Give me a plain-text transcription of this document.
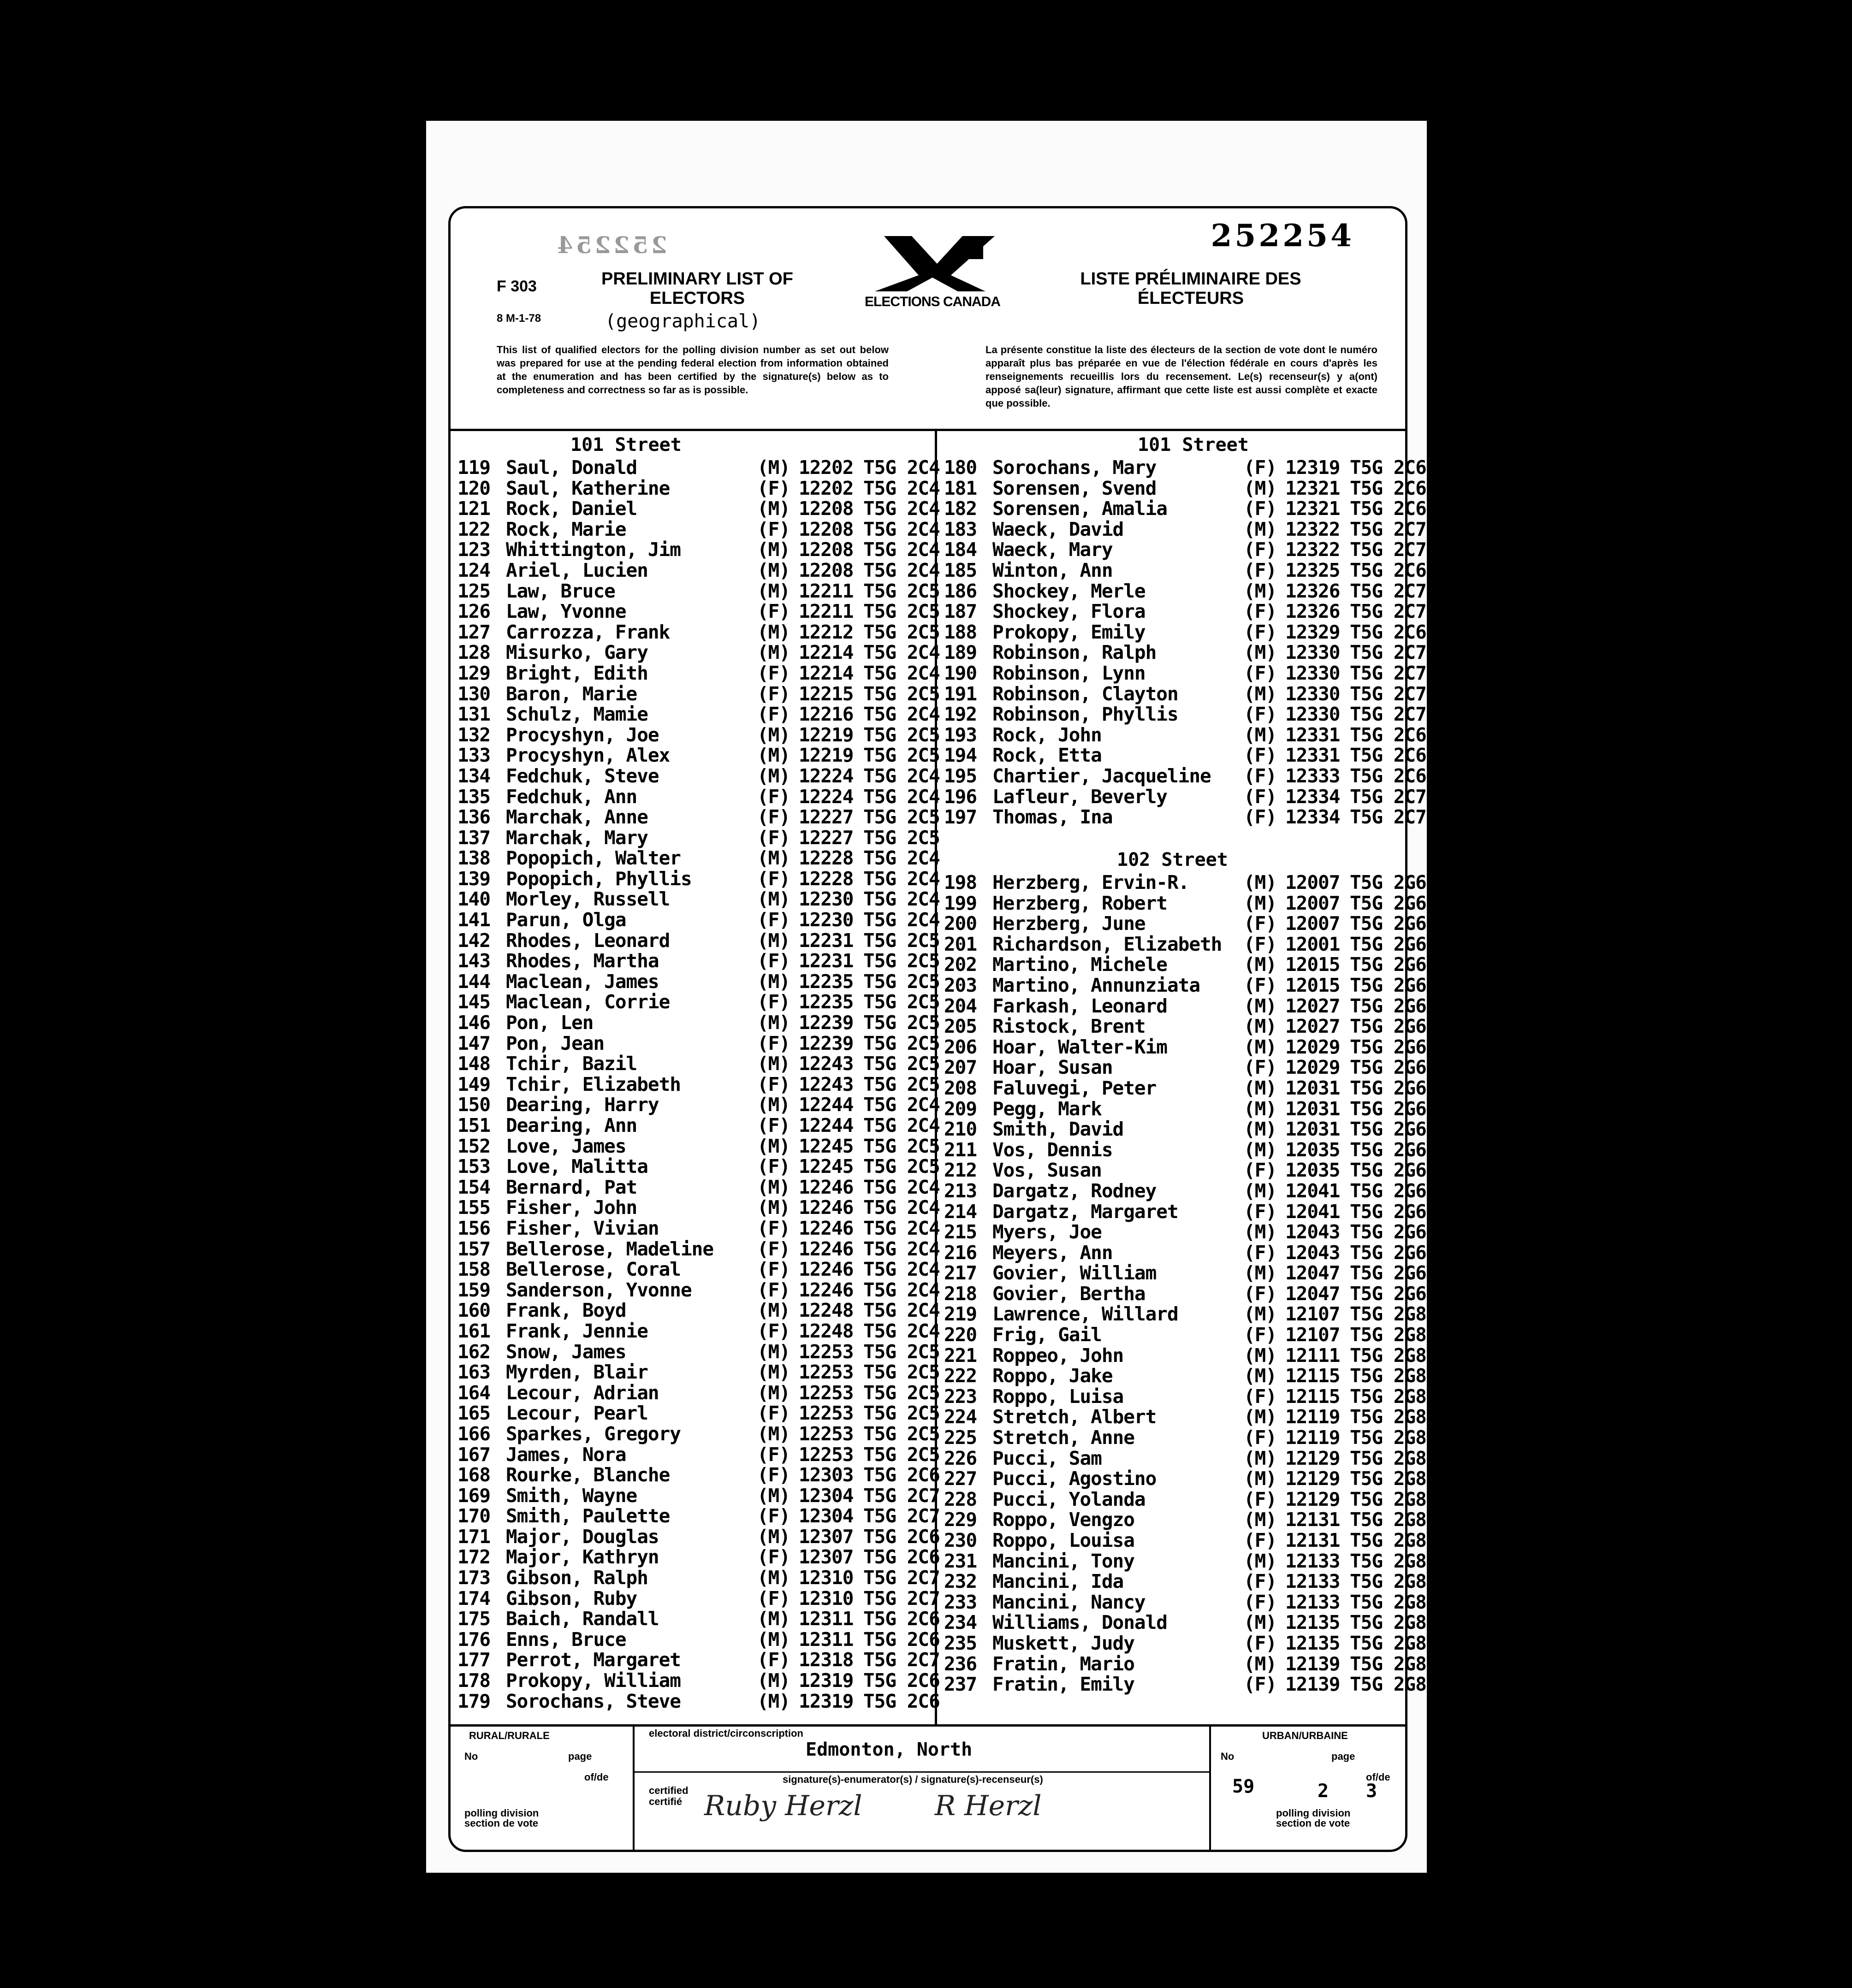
252254	252254
F 303
8 M-1-78
PRELIMINARY LIST OF ELECTORS
(geographical)
ELECTIONS CANADA
LISTE PRÉLIMINAIRE DES ÉLECTEURS
This list of qualified electors for the polling division number as set out below was prepared for use at the pending federal election from information obtained at the enumeration and has been certified by the signature(s) below as to completeness and correctness so far as is possible.
La présente constitue la liste des électeurs de la section de vote dont le numéro apparaît plus bas préparée en vue de l'élection fédérale en cours d'après les renseignements recueillis lors du recensement. Le(s) recenseur(s) y a(ont) apposé sa(leur) signature, affirmant que cette liste est aussi complète et exacte que possible.
101 Street	101 Street
119 Saul, Donald	(M) 12202 T5G 2C4
120 Saul, Katherine	(F) 12202 T5G 2C4
121 Rock, Daniel	(M) 12208 T5G 2C4
122 Rock, Marie	(F) 12208 T5G 2C4
123 Whittington, Jim	(M) 12208 T5G 2C4
124 Ariel, Lucien	(M) 12208 T5G 2C4
125 Law, Bruce	(M) 12211 T5G 2C5
126 Law, Yvonne	(F) 12211 T5G 2C5
127 Carrozza, Frank	(M) 12212 T5G 2C5
128 Misurko, Gary	(M) 12214 T5G 2C4
129 Bright, Edith	(F) 12214 T5G 2C4
130 Baron, Marie	(F) 12215 T5G 2C5
131 Schulz, Mamie	(F) 12216 T5G 2C4
132 Procyshyn, Joe	(M) 12219 T5G 2C5
133 Procyshyn, Alex	(M) 12219 T5G 2C5
134 Fedchuk, Steve	(M) 12224 T5G 2C4
135 Fedchuk, Ann	(F) 12224 T5G 2C4
136 Marchak, Anne	(F) 12227 T5G 2C5
137 Marchak, Mary	(F) 12227 T5G 2C5
138 Popopich, Walter	(M) 12228 T5G 2C4
139 Popopich, Phyllis	(F) 12228 T5G 2C4
140 Morley, Russell	(M) 12230 T5G 2C4
141 Parun, Olga	(F) 12230 T5G 2C4
142 Rhodes, Leonard	(M) 12231 T5G 2C5
143 Rhodes, Martha	(F) 12231 T5G 2C5
144 Maclean, James	(M) 12235 T5G 2C5
145 Maclean, Corrie	(F) 12235 T5G 2C5
146 Pon, Len	(M) 12239 T5G 2C5
147 Pon, Jean	(F) 12239 T5G 2C5
148 Tchir, Bazil	(M) 12243 T5G 2C5
149 Tchir, Elizabeth	(F) 12243 T5G 2C5
150 Dearing, Harry	(M) 12244 T5G 2C4
151 Dearing, Ann	(F) 12244 T5G 2C4
152 Love, James	(M) 12245 T5G 2C5
153 Love, Malitta	(F) 12245 T5G 2C5
154 Bernard, Pat	(M) 12246 T5G 2C4
155 Fisher, John	(M) 12246 T5G 2C4
156 Fisher, Vivian	(F) 12246 T5G 2C4
157 Bellerose, Madeline (F) 12246 T5G 2C4
158 Bellerose, Coral	(F) 12246 T5G 2C4
159 Sanderson, Yvonne	(F) 12246 T5G 2C4
160 Frank, Boyd	(M) 12248 T5G 2C4
161 Frank, Jennie	(F) 12248 T5G 2C4
162 Snow, James	(M) 12253 T5G 2C5
163 Myrden, Blair	(M) 12253 T5G 2C5
164 Lecour, Adrian	(M) 12253 T5G 2C5
165 Lecour, Pearl	(F) 12253 T5G 2C5
166 Sparkes, Gregory	(M) 12253 T5G 2C5
167 James, Nora	(F) 12253 T5G 2C5
168 Rourke, Blanche	(F) 12303 T5G 2C6
169 Smith, Wayne	(M) 12304 T5G 2C7
170 Smith, Paulette	(F) 12304 T5G 2C7
171 Major, Douglas	(M) 12307 T5G 2C6
172 Major, Kathryn	(F) 12307 T5G 2C6
173 Gibson, Ralph	(M) 12310 T5G 2C7
174 Gibson, Ruby	(F) 12310 T5G 2C7
175 Baich, Randall	(M) 12311 T5G 2C6
176 Enns, Bruce	(M) 12311 T5G 2C6
177 Perrot, Margaret	(F) 12318 T5G 2C7
178 Prokopy, William	(M) 12319 T5G 2C6
179 Sorochans, Steve	(M) 12319 T5G 2C6
180 Sorochans, Mary	(F) 12319 T5G 2C6
181 Sorensen, Svend	(M) 12321 T5G 2C6
182 Sorensen, Amalia	(F) 12321 T5G 2C6
183 Waeck, David	(M) 12322 T5G 2C7
184 Waeck, Mary	(F) 12322 T5G 2C7
185 Winton, Ann	(F) 12325 T5G 2C6
186 Shockey, Merle	(M) 12326 T5G 2C7
187 Shockey, Flora	(F) 12326 T5G 2C7
188 Prokopy, Emily	(F) 12329 T5G 2C6
189 Robinson, Ralph	(M) 12330 T5G 2C7
190 Robinson, Lynn	(F) 12330 T5G 2C7
191 Robinson, Clayton	(M) 12330 T5G 2C7
192 Robinson, Phyllis	(F) 12330 T5G 2C7
193 Rock, John	(M) 12331 T5G 2C6
194 Rock, Etta	(F) 12331 T5G 2C6
195 Chartier, Jacqueline (F) 12333 T5G 2C6
196 Lafleur, Beverly	(F) 12334 T5G 2C7
197 Thomas, Ina	(F) 12334 T5G 2C7
102 Street
198 Herzberg, Ervin-R.	(M) 12007 T5G 2G6
199 Herzberg, Robert	(M) 12007 T5G 2G6
200 Herzberg, June	(F) 12007 T5G 2G6
201 Richardson, Elizabeth (F) 12001 T5G 2G6
202 Martino, Michele	(M) 12015 T5G 2G6
203 Martino, Annunziata (F) 12015 T5G 2G6
204 Farkash, Leonard	(M) 12027 T5G 2G6
205 Ristock, Brent	(M) 12027 T5G 2G6
206 Hoar, Walter-Kim	(M) 12029 T5G 2G6
207 Hoar, Susan	(F) 12029 T5G 2G6
208 Faluvegi, Peter	(M) 12031 T5G 2G6
209 Pegg, Mark	(M) 12031 T5G 2G6
210 Smith, David	(M) 12031 T5G 2G6
211 Vos, Dennis	(M) 12035 T5G 2G6
212 Vos, Susan	(F) 12035 T5G 2G6
213 Dargatz, Rodney	(M) 12041 T5G 2G6
214 Dargatz, Margaret	(F) 12041 T5G 2G6
215 Myers, Joe	(M) 12043 T5G 2G6
216 Meyers, Ann	(F) 12043 T5G 2G6
217 Govier, William	(M) 12047 T5G 2G6
218 Govier, Bertha	(F) 12047 T5G 2G6
219 Lawrence, Willard	(M) 12107 T5G 2G8
220 Frig, Gail	(F) 12107 T5G 2G8
221 Roppeo, John	(M) 12111 T5G 2G8
222 Roppo, Jake	(M) 12115 T5G 2G8
223 Roppo, Luisa	(F) 12115 T5G 2G8
224 Stretch, Albert	(M) 12119 T5G 2G8
225 Stretch, Anne	(F) 12119 T5G 2G8
226 Pucci, Sam	(M) 12129 T5G 2G8
227 Pucci, Agostino	(M) 12129 T5G 2G8
228 Pucci, Yolanda	(F) 12129 T5G 2G8
229 Roppo, Vengzo	(M) 12131 T5G 2G8
230 Roppo, Louisa	(F) 12131 T5G 2G8
231 Mancini, Tony	(M) 12133 T5G 2G8
232 Mancini, Ida	(F) 12133 T5G 2G8
233 Mancini, Nancy	(F) 12133 T5G 2G8
234 Williams, Donald	(M) 12135 T5G 2G8
235 Muskett, Judy	(F) 12135 T5G 2G8
236 Fratin, Mario	(M) 12139 T5G 2G8
237 Fratin, Emily	(F) 12139 T5G 2G8
RURAL/RURALE
No	page
of/de
polling division section de vote
electoral district/circonscription
Edmonton, North
signature(s)-enumerator(s) / signature(s)-recenseur(s)
certified certifié Ruby Herzl	R Herzl
URBAN/URBAINE
No	page
of/de
59	2 3
polling division section de vote
